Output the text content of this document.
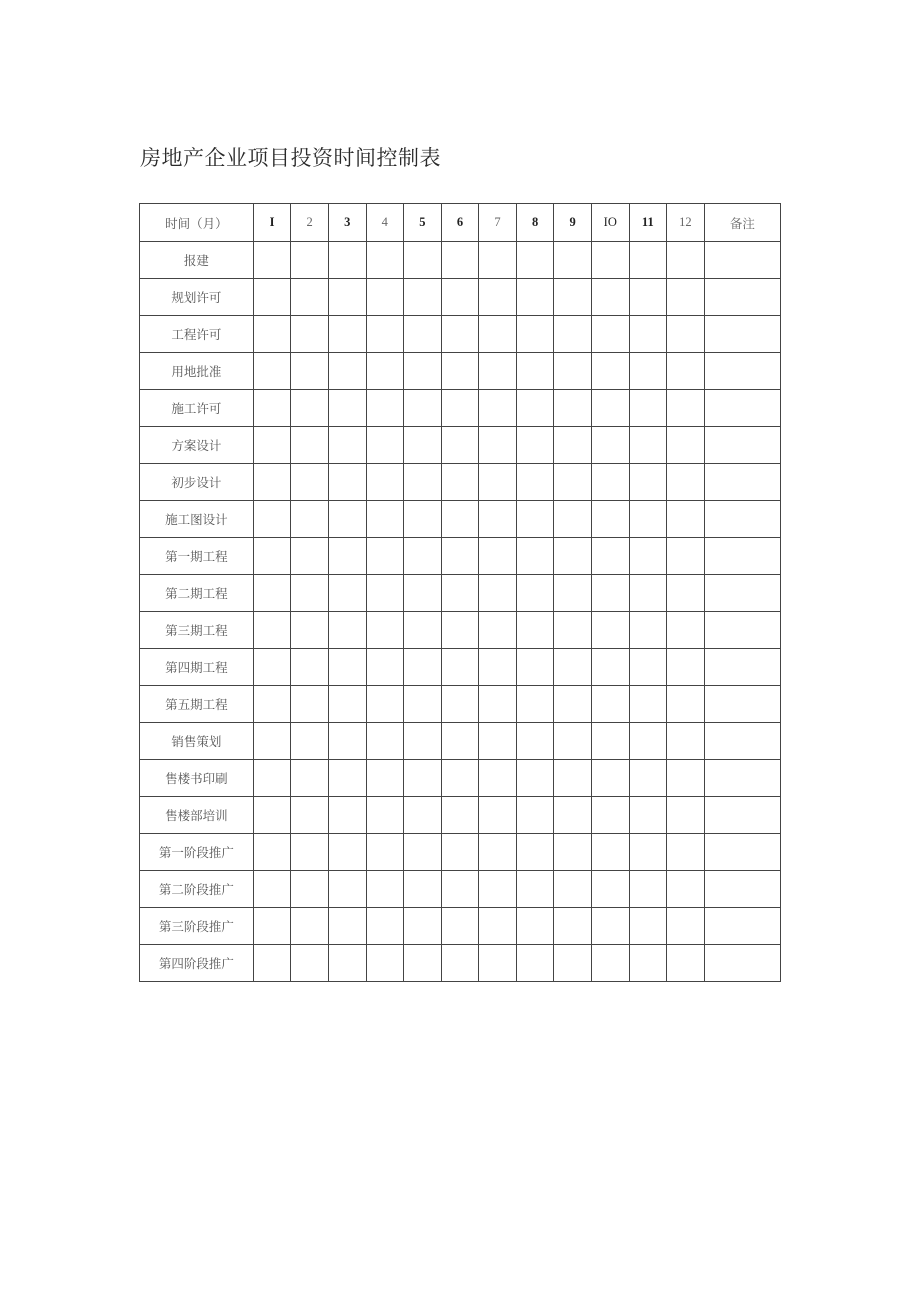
房地产企业项目投资时间控制表
时间（月）	I	2	3	4	5	6	7	8	9	IO	11	12	备注
报建													
规划许可													
工程许可													
用地批准													
施工许可													
方案设计													
初步设计													
施工图设计													
第一期工程													
第二期工程													
第三期工程													
第四期工程													
第五期工程													
销售策划													
售楼书印刷													
售楼部培训													
第一阶段推广													
第二阶段推广													
第三阶段推广													
第四阶段推广													
